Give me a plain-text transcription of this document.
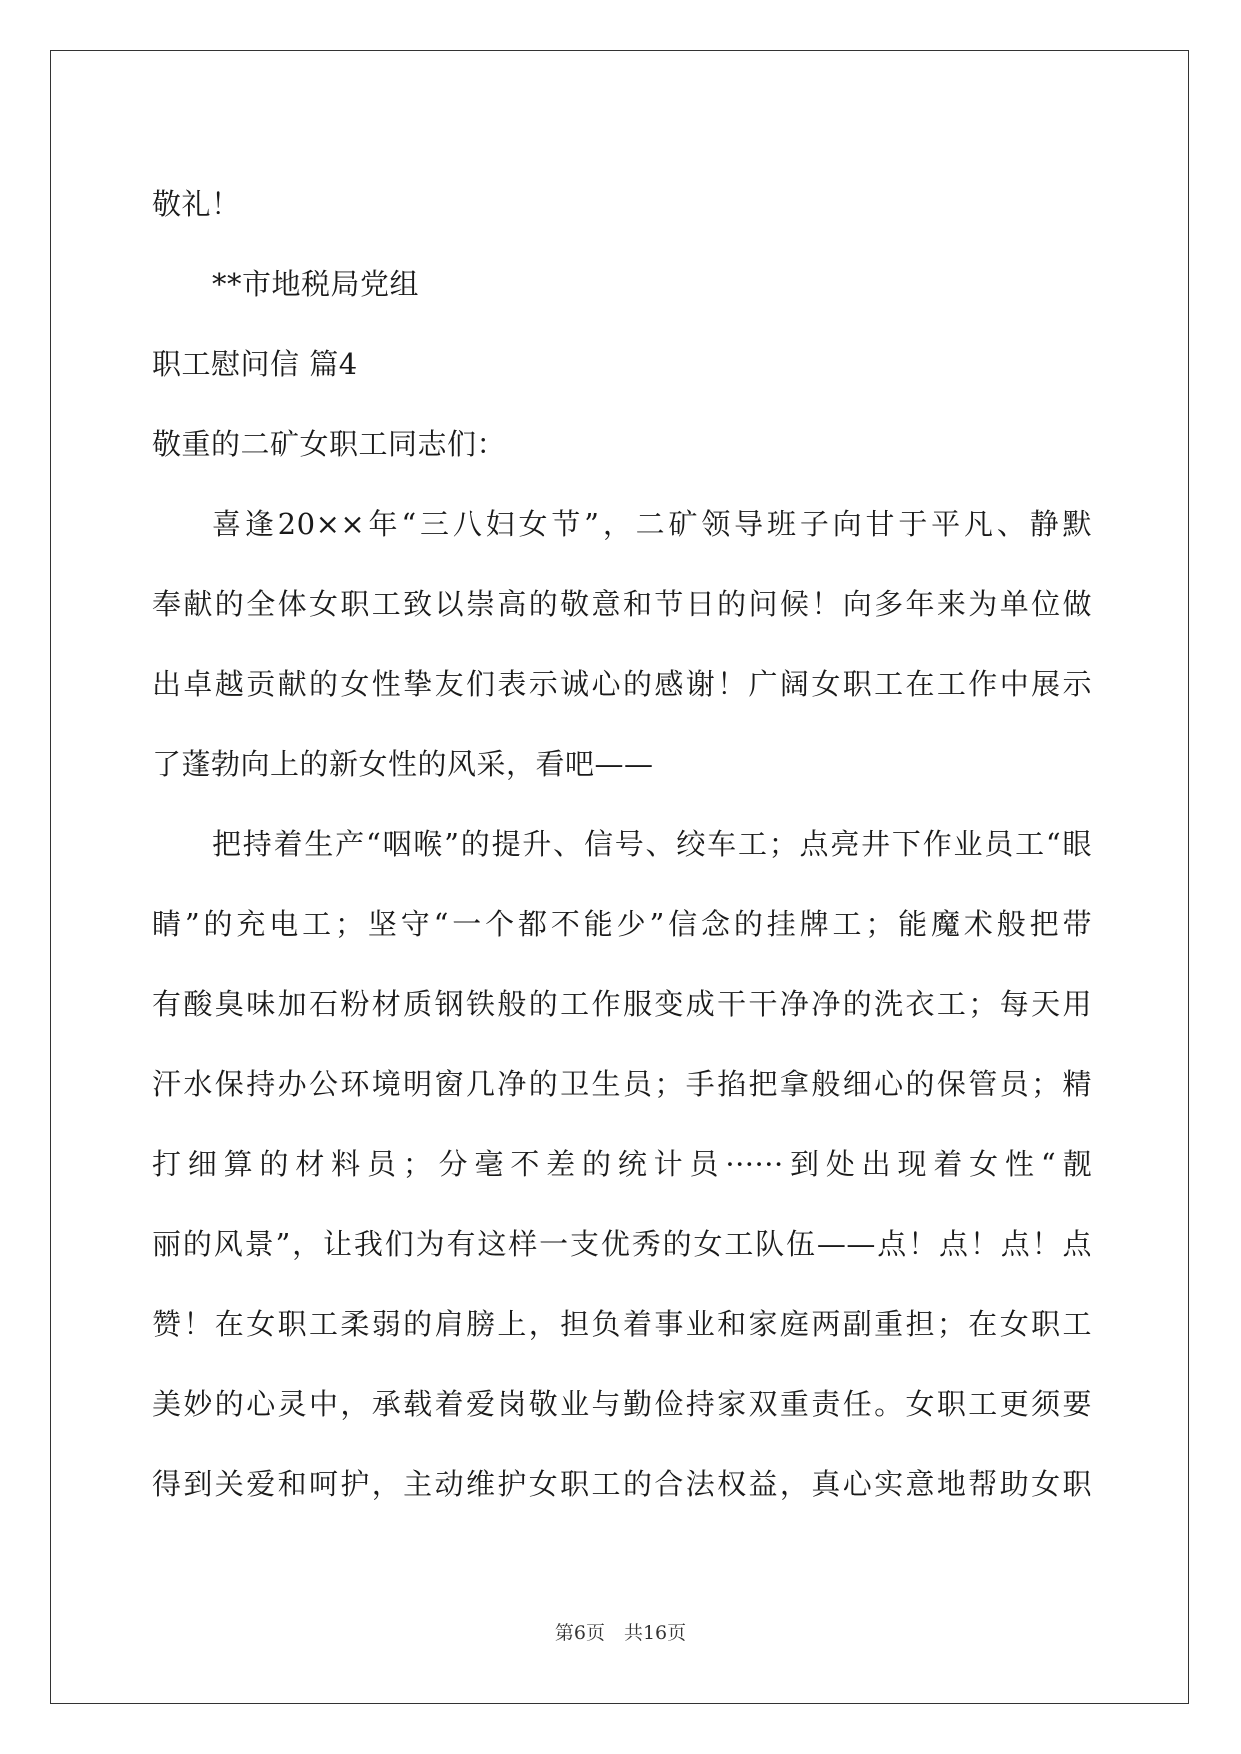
敬礼！
**市地税局党组
职工慰问信 篇4
敬重的二矿女职工同志们：
喜逢20××年“三八妇女节”，二矿领导班子向甘于平凡、静默
奉献的全体女职工致以崇高的敬意和节日的问候！向多年来为单位做
出卓越贡献的女性挚友们表示诚心的感谢！广阔女职工在工作中展示
了蓬勃向上的新女性的风采，看吧——
把持着生产“咽喉”的提升、信号、绞车工；点亮井下作业员工“眼
睛”的充电工；坚守“一个都不能少”信念的挂牌工；能魔术般把带
有酸臭味加石粉材质钢铁般的工作服变成干干净净的洗衣工；每天用
汗水保持办公环境明窗几净的卫生员；手掐把拿般细心的保管员；精
打细算的材料员；分毫不差的统计员······到处出现着女性“靓
丽的风景”，让我们为有这样一支优秀的女工队伍——点！点！点！点
赞！在女职工柔弱的肩膀上，担负着事业和家庭两副重担；在女职工
美妙的心灵中，承载着爱岗敬业与勤俭持家双重责任。女职工更须要
得到关爱和呵护，主动维护女职工的合法权益，真心实意地帮助女职
第6页　共16页
